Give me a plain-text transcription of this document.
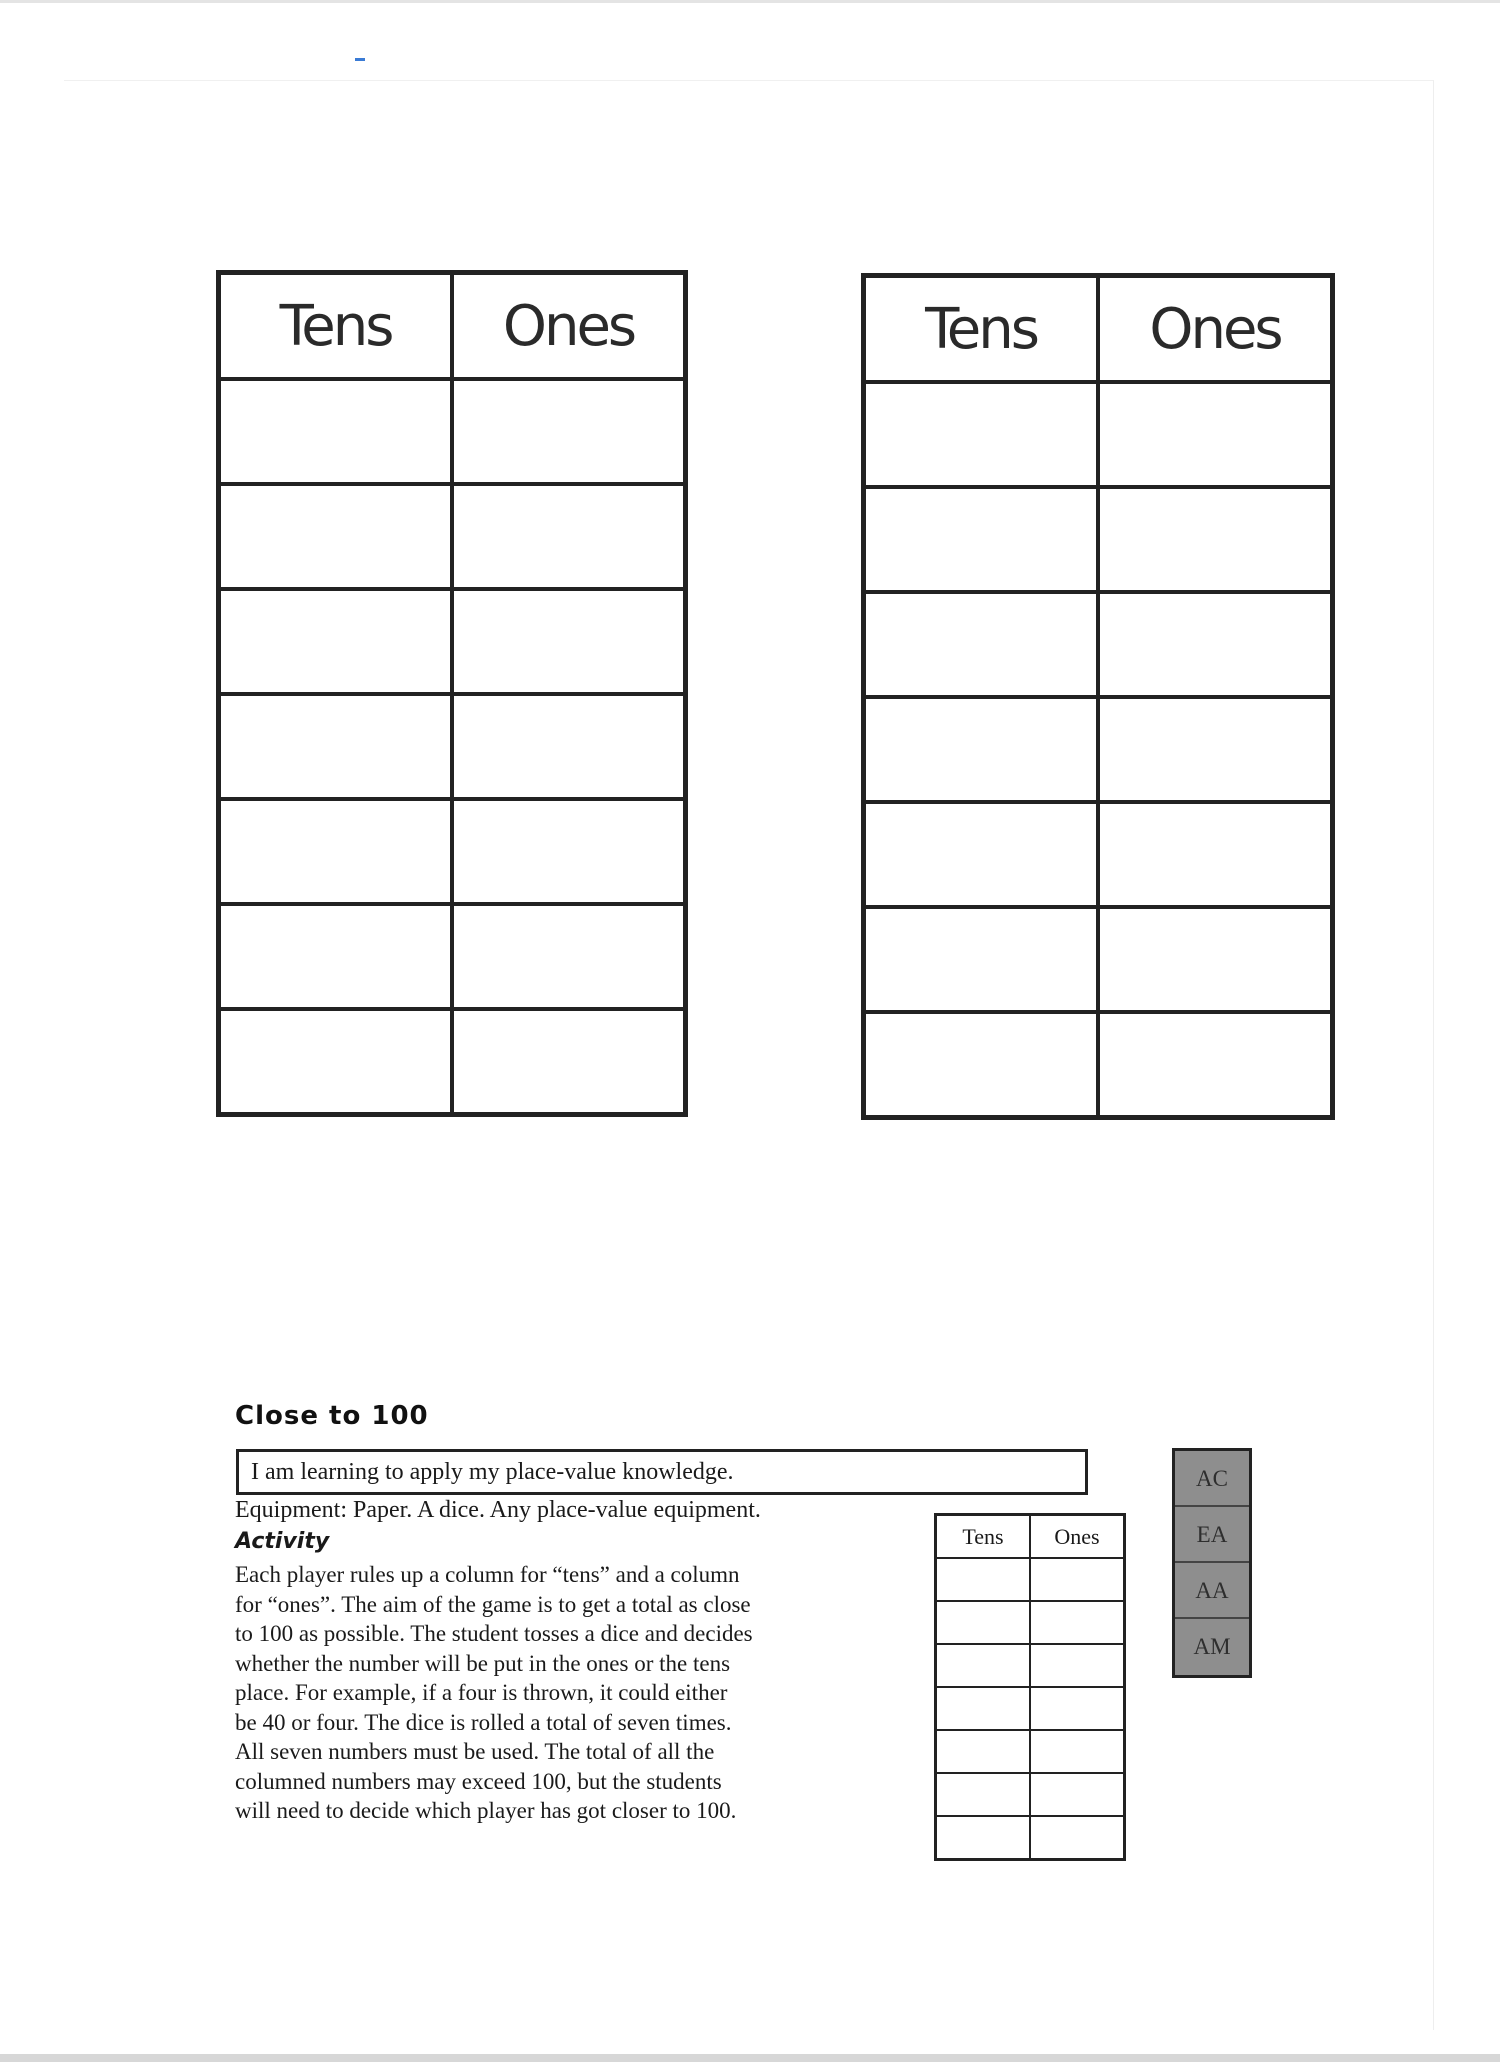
Tens	Ones

		Tens	Ones

Close to 100
I am learning to apply my place-value knowledge.
Equipment: Paper. A dice. Any place-value equipment.
Activity

Each player rules up a column for “tens” and a column
for “ones”. The aim of the game is to get a total as close
to 100 as possible. The student tosses a dice and decides
whether the number will be put in the ones or the tens
place. For example, if a four is thrown, it could either
be 40 or four. The dice is rolled a total of seven times.
All seven numbers must be used. The total of all the
columned numbers may exceed 100, but the students
will need to decide which player has got closer to 100.

Tens	Ones

AC
EA
AA
AM
